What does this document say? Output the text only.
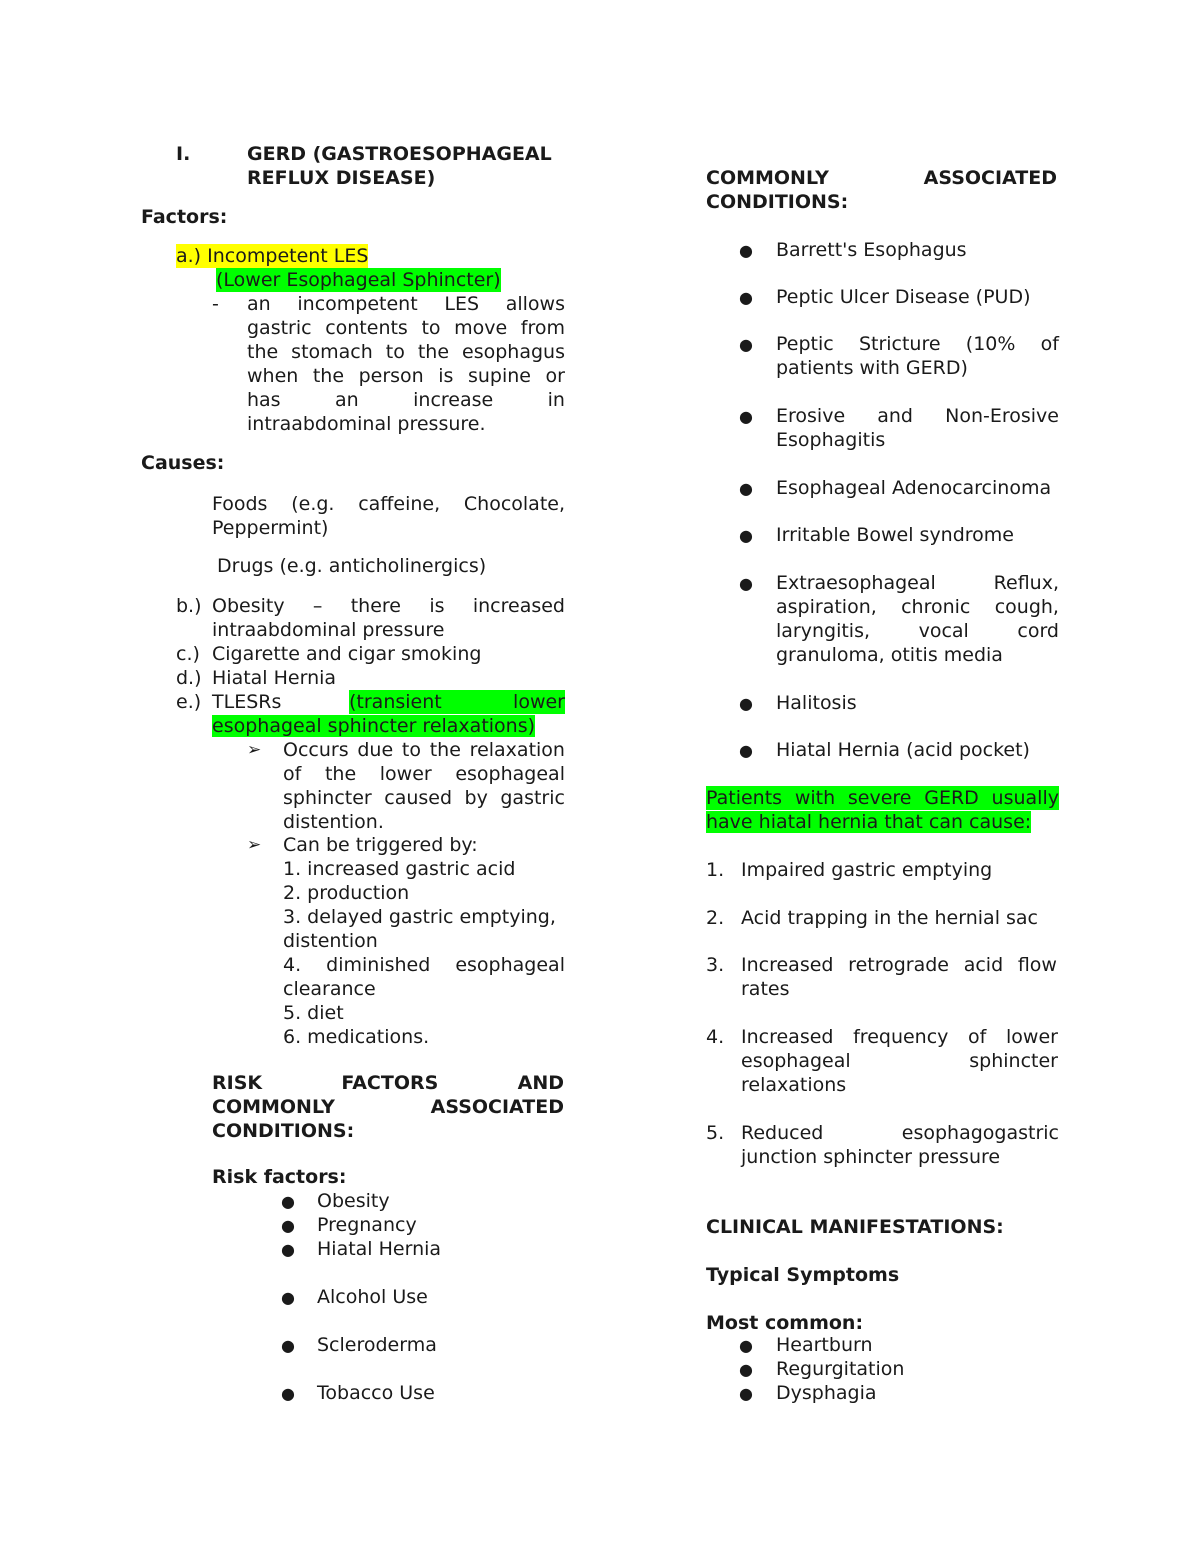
I.	GERD (GASTROESOPHAGEAL
REFLUX DISEASE)
Factors:
a.) Incompetent LES
(Lower Esophageal Sphincter)
- an incompetent LES allows
gastric contents to move from
the stomach to the esophagus
when the person is supine or
has	an	increase	in
intraabdominal pressure.
Causes:
Foods (e.g. caffeine, Chocolate,
Peppermint)
Drugs (e.g. anticholinergics)
b.) Obesity – there is increased
intraabdominal pressure
c.) Cigarette and cigar smoking
d.) Hiatal Hernia
e.) TLESRs	(transient	lower
esophageal sphincter relaxations)
➢ Occurs due to the relaxation
of the lower esophageal
sphincter caused by gastric
distention.
➢ Can be triggered by:
1. increased gastric acid
2. production
3. delayed gastric emptying,
distention
4. diminished esophageal
clearance
5. diet
6. medications.
RISK	FACTORS	AND
COMMONLY	ASSOCIATED
CONDITIONS:
Risk factors:
● Obesity
● Pregnancy
● Hiatal Hernia
● Alcohol Use
● Scleroderma
● Tobacco Use
COMMONLY	ASSOCIATED
CONDITIONS:
● Barrett's Esophagus
● Peptic Ulcer Disease (PUD)
● Peptic Stricture (10% of
patients with GERD)
● Erosive and Non-Erosive
Esophagitis
● Esophageal Adenocarcinoma
● Irritable Bowel syndrome
● Extraesophageal	Reflux,
aspiration, chronic cough,
laryngitis,	vocal	cord
granuloma, otitis media
● Halitosis
● Hiatal Hernia (acid pocket)
Patients with severe GERD usually
have hiatal hernia that can cause:
1. Impaired gastric emptying
2. Acid trapping in the hernial sac
3. Increased retrograde acid flow
rates
4. Increased frequency of lower
esophageal	sphincter
relaxations
5. Reduced	esophagogastric
junction sphincter pressure
CLINICAL MANIFESTATIONS:
Typical Symptoms
Most common:
● Heartburn
● Regurgitation
● Dysphagia
